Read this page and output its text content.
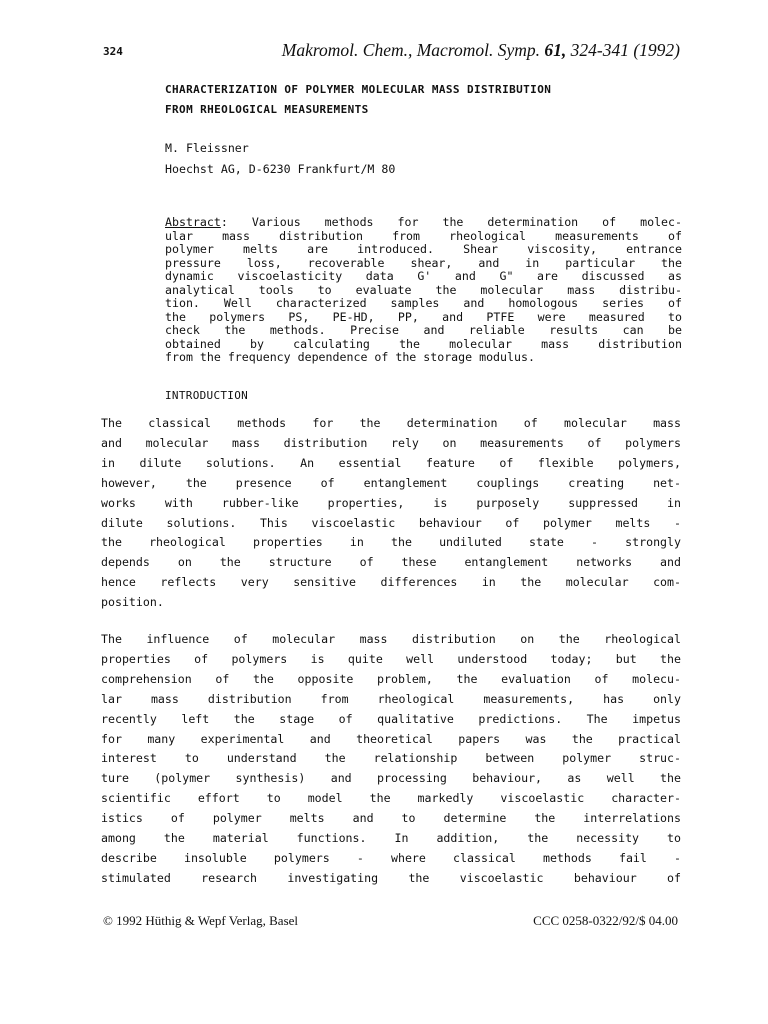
324	Makromol. Chem., Macromol. Symp. 61, 324-341 (1992)
CHARACTERIZATION OF POLYMER MOLECULAR MASS DISTRIBUTION
FROM RHEOLOGICAL MEASUREMENTS
M. Fleissner
Hoechst AG, D-6230 Frankfurt/M 80
Abstract: Various methods for the determination of molec-
ular mass distribution from rheological measurements of
polymer melts are introduced. Shear viscosity, entrance
pressure loss, recoverable shear, and in particular the
dynamic viscoelasticity data G' and G" are discussed as
analytical tools to evaluate the molecular mass distribu-
tion. Well characterized samples and homologous series of
the polymers PS, PE-HD, PP, and PTFE were measured to
check the methods. Precise and reliable results can be
obtained by calculating the molecular mass distribution
from the frequency dependence of the storage modulus.
INTRODUCTION
The classical methods for the determination of molecular mass
and molecular mass distribution rely on measurements of polymers
in dilute solutions. An essential feature of flexible polymers,
however, the presence of entanglement couplings creating net-
works with rubber-like properties, is purposely suppressed in
dilute solutions. This viscoelastic behaviour of polymer melts -
the rheological properties in the undiluted state - strongly
depends on the structure of these entanglement networks and
hence reflects very sensitive differences in the molecular com-
position.
The influence of molecular mass distribution on the rheological
properties of polymers is quite well understood today; but the
comprehension of the opposite problem, the evaluation of molecu-
lar mass distribution from rheological measurements, has only
recently left the stage of qualitative predictions. The impetus
for many experimental and theoretical papers was the practical
interest to understand the relationship between polymer struc-
ture (polymer synthesis) and processing behaviour, as well the
scientific effort to model the markedly viscoelastic character-
istics of polymer melts and to determine the interrelations
among the material functions. In addition, the necessity to
describe insoluble polymers - where classical methods fail -
stimulated research investigating the viscoelastic behaviour of
© 1992 Hüthig & Wepf Verlag, Basel	CCC 0258-0322/92/$ 04.00
